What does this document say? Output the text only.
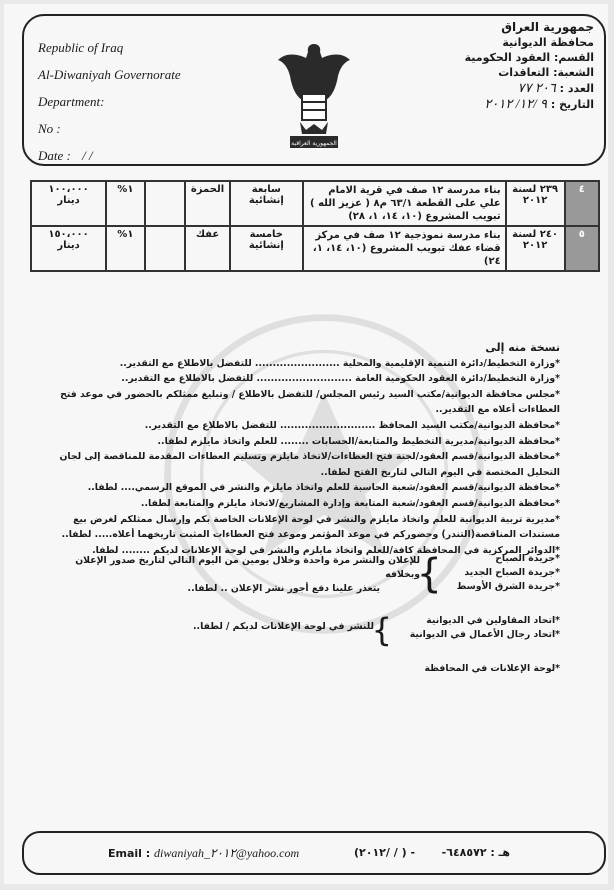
Republic of Iraq
Al-Diwaniyah Governorate
Department:
No :
Date : / /
الجمهورية العراقية
جمهورية العراق
محافظة الديوانية
القسم: العقود الحكومية
الشعبة: التعاقدات
العدد : ٢٠٦ ٧٧
التاريخ : ٩ /١٢/ ٢٠١٢
٤	٢٣٩ لسنة ٢٠١٢	بناء مدرسة ١٢ صف في قرية الامام علي على القطعة ٦٣/١ م٨ ( عزيز الله ) تبويب المشروع (١٠، ١٤، ١، ٢٨)	سابعة إنشائية	الحمزة		١%	١٠٠،٠٠٠ دينار
٥	٢٤٠ لسنة ٢٠١٢	بناء مدرسة نموذجية ١٢ صف في مركز قضاء عفك تبويب المشروع (١٠، ١٤، ١، ٢٤)	خامسة إنشائية	عفك		١%	١٥٠،٠٠٠ دينار
نسخة منه إلى
*وزارة التخطيط/دائرة التنمية الإقليمية والمحلية ........................ للتفضل بالاطلاع مع التقدير..
*وزارة التخطيط/دائرة العقود الحكومية العامة ........................... للتفضل بالاطلاع مع التقدير..
*مجلس محافظة الديوانية/مكتب السيد رئيس المجلس/ للتفضل بالاطلاع / وتبليغ ممثلكم بالحضور في موعد فتح العطاءات أعلاه مع التقدير..
*محافظة الديوانية/مكتب السيد المحافظ ........................... للتفضل بالاطلاع مع التقدير..
*محافظة الديوانية/مديرية التخطيط والمتابعة/الحسابات ........ للعلم واتخاذ مايلزم لطفا..
*محافظة الديوانية/قسم العقود/لجنة فتح العطاءات/لاتخاذ مايلزم وتسليم العطاءات المقدمة للمناقصة إلى لجان التحليل المختصة في اليوم التالي لتاريخ الفتح لطفا..
*محافظة الديوانية/قسم العقود/شعبة الحاسبة للعلم واتخاذ مايلزم والنشر في الموقع الرسمي.... لطفا..
*محافظة الديوانية/قسم العقود/شعبة المتابعة وإدارة المشاريع/لاتخاذ مايلزم والمتابعة لطفا..
*مديرية تربية الديوانية للعلم واتخاذ مايلزم والنشر في لوحة الإعلانات الخاصة بكم وإرسال ممثلكم لغرض بيع مستندات المناقصة(التندر) وحضوركم في موعد المؤتمر وموعد فتح العطاءات المثبت تاريخهما أعلاه..... لطفا..
*الدوائر المركزية في المحافظة كافة/للعلم واتخاذ مايلزم والنشر في لوحة الإعلانات لديكم ........ لطفا.
*جريدة الصباح
*جريدة الصباح الجديد
*جريدة الشرق الأوسط
}
للإعلان والنشر مرة واحدة وخلال يومين من اليوم التالي لتاريخ صدور الإعلان وبخلافه
يتعذر علينا دفع أجور نشر الإعلان .. لطفا..
*اتحاد المقاولين في الديوانية
*اتحاد رجال الأعمال في الديوانية
}
للنشر في لوحة الإعلانات لديكم / لطفا..
*لوحة الإعلانات في المحافظة
Email : diwaniyah_٢٠١٢@yahoo.com	(٢٠١٢/ / ) - هـ : ٦٤٨٥٧٢-
